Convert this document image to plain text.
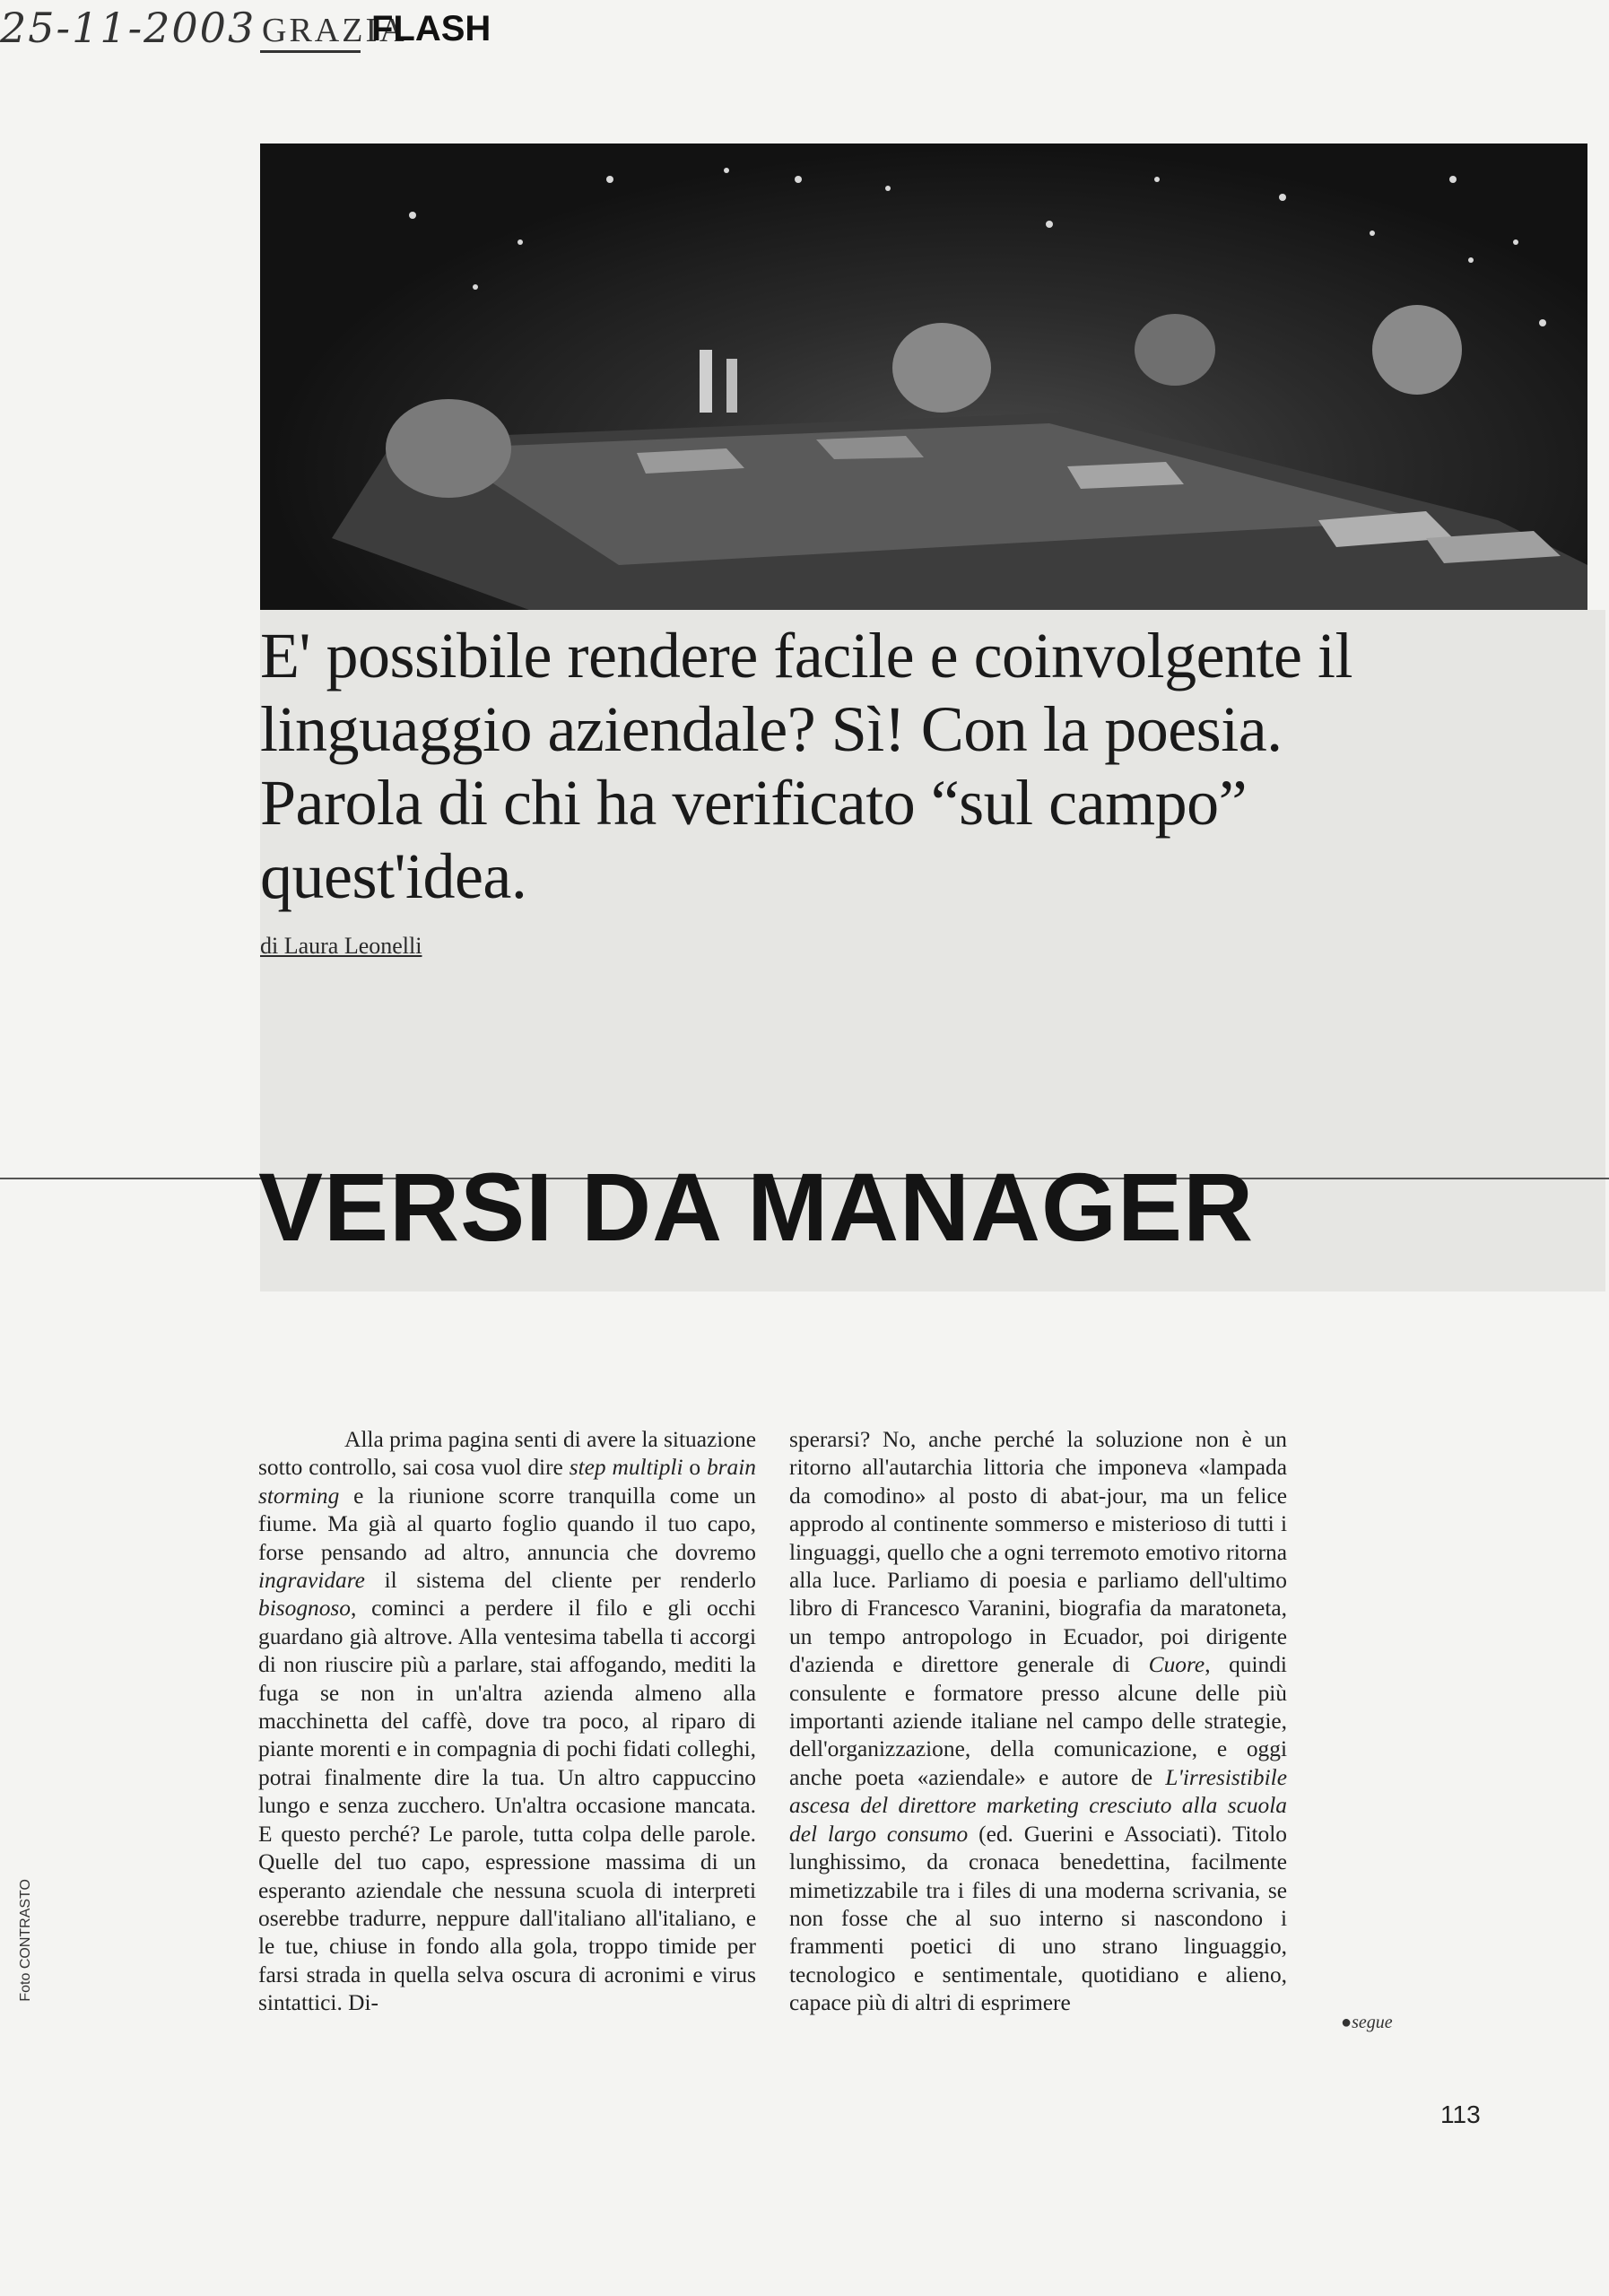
25-11-2003 GRAZIA
FLASH
E' possibile rendere facile e coinvolgente il linguaggio aziendale? Sì! Con la poesia. Parola di chi ha verificato “sul campo” quest'idea.

di Laura Leonelli

VERSI DA MANAGER

Alla prima pagina senti di avere la situazione sotto controllo, sai cosa vuol dire step multipli o brain storming e la riunione scorre tranquilla come un fiume. Ma già al quarto foglio quando il tuo capo, forse pensando ad altro, annuncia che dovremo ingravidare il sistema del cliente per renderlo bisognoso, cominci a perdere il filo e gli occhi guardano già altrove. Alla ventesima tabella ti accorgi di non riuscire più a parlare, stai affogando, mediti la fuga se non in un'altra azienda almeno alla macchinetta del caffè, dove tra poco, al riparo di piante morenti e in compagnia di pochi fidati colleghi, potrai finalmente dire la tua. Un altro cappuccino lungo e senza zucchero. Un'altra occasione mancata. E questo perché? Le parole, tutta colpa delle parole. Quelle del tuo capo, espressione massima di un esperanto aziendale che nessuna scuola di interpreti oserebbe tradurre, neppure dall'italiano all'italiano, e le tue, chiuse in fondo alla gola, troppo timide per farsi strada in quella selva oscura di acronimi e virus sintattici. Di-

sperarsi? No, anche perché la soluzione non è un ritorno all'autarchia littoria che imponeva «lampada da comodino» al posto di abat-jour, ma un felice approdo al continente sommerso e misterioso di tutti i linguaggi, quello che a ogni terremoto emotivo ritorna alla luce. Parliamo di poesia e parliamo dell'ultimo libro di Francesco Varanini, biografia da maratoneta, un tempo antropologo in Ecuador, poi dirigente d'azienda e direttore generale di Cuore, quindi consulente e formatore presso alcune delle più importanti aziende italiane nel campo delle strategie, dell'organizzazione, della comunicazione, e oggi anche poeta «aziendale» e autore de L'irresistibile ascesa del direttore marketing cresciuto alla scuola del largo consumo (ed. Guerini e Associati). Titolo lunghissimo, da cronaca benedettina, facilmente mimetizzabile tra i files di una moderna scrivania, se non fosse che al suo interno si nascondono i frammenti poetici di uno strano linguaggio, tecnologico e sentimentale, quotidiano e alieno, capace più di altri di esprimere

●segue
Foto CONTRASTO
113
